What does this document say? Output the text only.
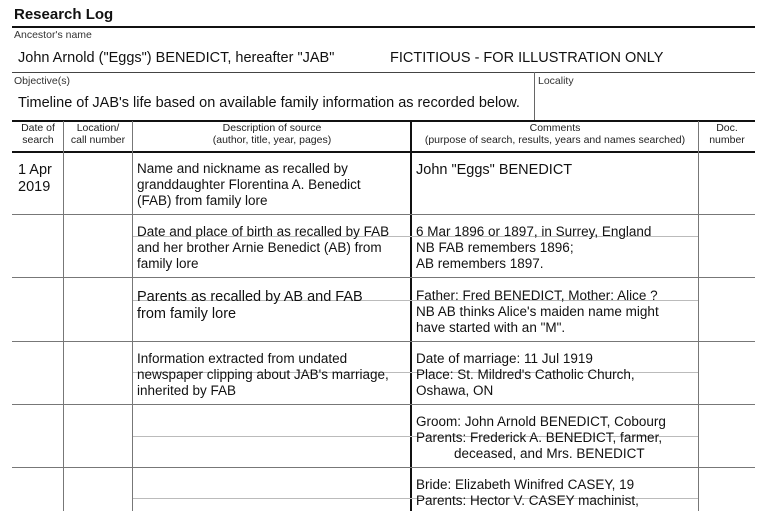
Research Log
Ancestor's name
John Arnold ("Eggs") BENEDICT, hereafter "JAB"	FICTITIOUS - FOR ILLUSTRATION ONLY
Objective(s)	Locality
Timeline of JAB's life based on available family information as recorded below.
Date of
search
Location/
call number
Description of source
(author, title, year, pages)
Comments
(purpose of search, results, years and names searched)
Doc.
number
1 Apr
2019
Name and nickname as recalled by
granddaughter Florentina A. Benedict
(FAB) from family lore
John "Eggs" BENEDICT
Date and place of birth as recalled by FAB
and her brother Arnie Benedict (AB) from
family lore
6 Mar 1896 or 1897, in Surrey, England
NB FAB remembers 1896;
AB remembers 1897.
Parents as recalled by AB and FAB
from family lore
Father: Fred BENEDICT, Mother: Alice ?
NB AB thinks Alice's maiden name might
have started with an "M".
Information extracted from undated
newspaper clipping about JAB's marriage,
inherited by FAB
Date of marriage: 11 Jul 1919
Place: St. Mildred's Catholic Church,
Oshawa, ON
Groom: John Arnold BENEDICT, Cobourg
Parents: Frederick A. BENEDICT, farmer,
deceased, and Mrs. BENEDICT
Bride: Elizabeth Winifred CASEY, 19
Parents: Hector V. CASEY machinist,
